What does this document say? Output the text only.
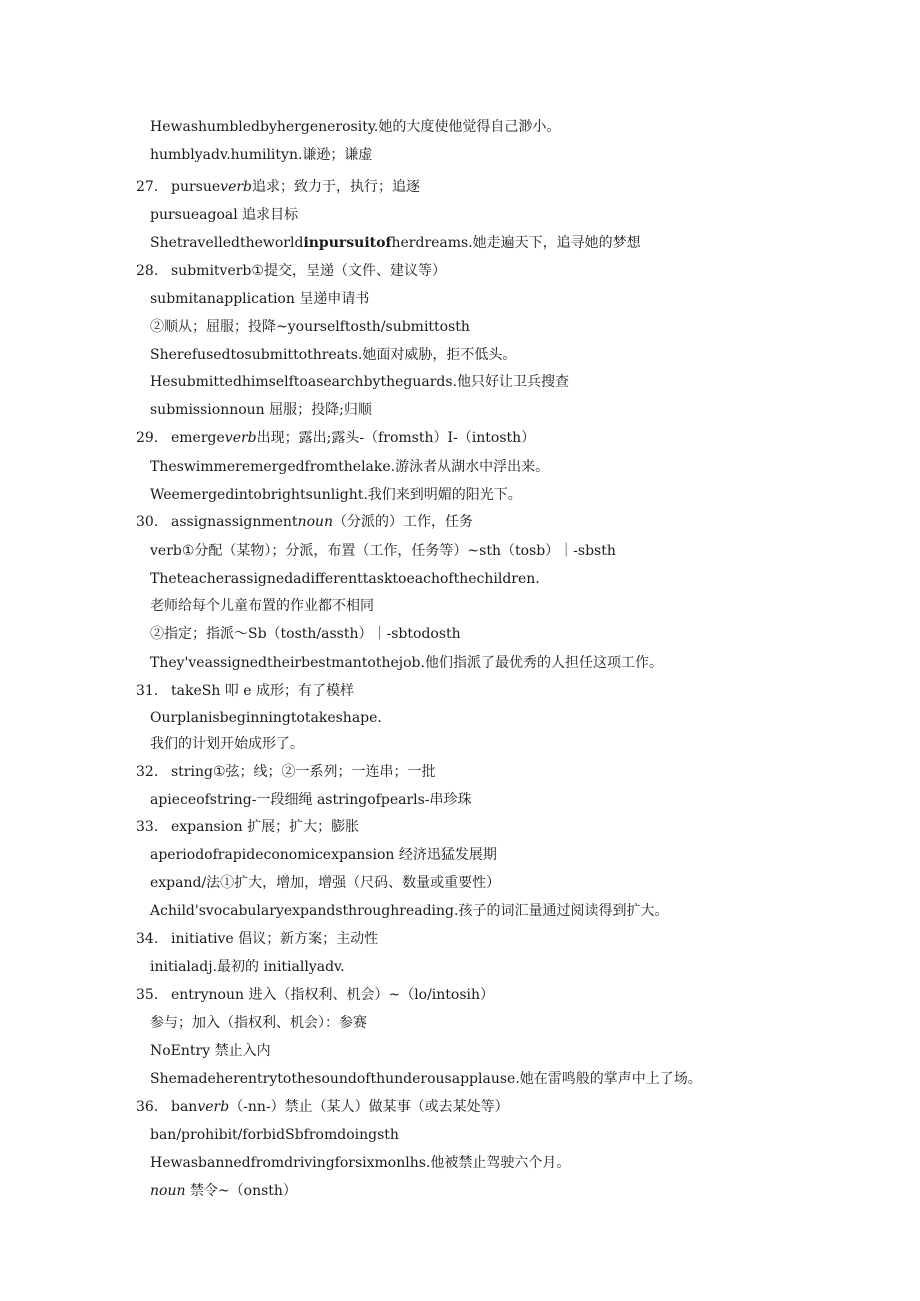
Hewashumbledbyhergenerosity.她的大度使他觉得自己渺小。
humblyadv.humilityn.谦逊；谦虚
27. pursueverb追求；致力于，执行；追逐
pursueagoal 追求目标
Shetravelledtheworldinpursuitofherdreams.她走遍天下，追寻她的梦想
28. submitverb①提交，呈递（文件、建议等）
submitanapplication 呈递申请书
②顺从；屈服；投降~yourselftosth/submittosth
Sherefusedtosubmittothreats.她面对威胁，拒不低头。
Hesubmittedhimselftoasearchbytheguards.他只好让卫兵搜查
submissionnoun 屈服；投降;归顺
29. emergeverb出现；露出;露头-（fromsth）I-（intosth）
Theswimmeremergedfromthelake.游泳者从湖水中浮出来。
Weemergedintobrightsunlight.我们来到明媚的阳光下。
30. assignassignmentnoun（分派的）工作，任务
verb①分配（某物）；分派，布置（工作，任务等）~sth（tosb）｜-sbsth
Theteacherassignedadifferenttasktoeachofthechildren.
老师给每个儿童布置的作业都不相同
②指定；指派～Sb（tosth/assth）｜-sbtodosth
They'veassignedtheirbestmantothejob.他们指派了最优秀的人担任这项工作。
31. takeSh 叩 e 成形；有了模样
Ourplanisbeginningtotakeshape.
我们的计划开始成形了。
32. string①弦；线；②一系列；一连串；一批
apieceofstring-一段细绳 astringofpearls-串珍珠
33. expansion 扩展；扩大；膨胀
aperiodofrapideconomicexpansion 经济迅猛发展期
expand/法①扩大，增加，增强（尺码、数量或重要性）
Achild'svocabularyexpandsthroughreading.孩子的词汇量通过阅读得到扩大。
34. initiative 倡议；新方案；主动性
initialadj.最初的 initiallyadv.
35. entrynoun 进入（指权利、机会）~（lo/intosih）
参与；加入（指权利、机会）：参赛
NoEntry 禁止入内
Shemadeherentrytothesoundofthunderousapplause.她在雷鸣般的掌声中上了场。
36. banverb（-nn-）禁止（某人）做某事（或去某处等）
ban/prohibit/forbidSbfromdoingsth
Hewasbannedfromdrivingforsixmonlhs.他被禁止驾驶六个月。
noun 禁令~（onsth）
